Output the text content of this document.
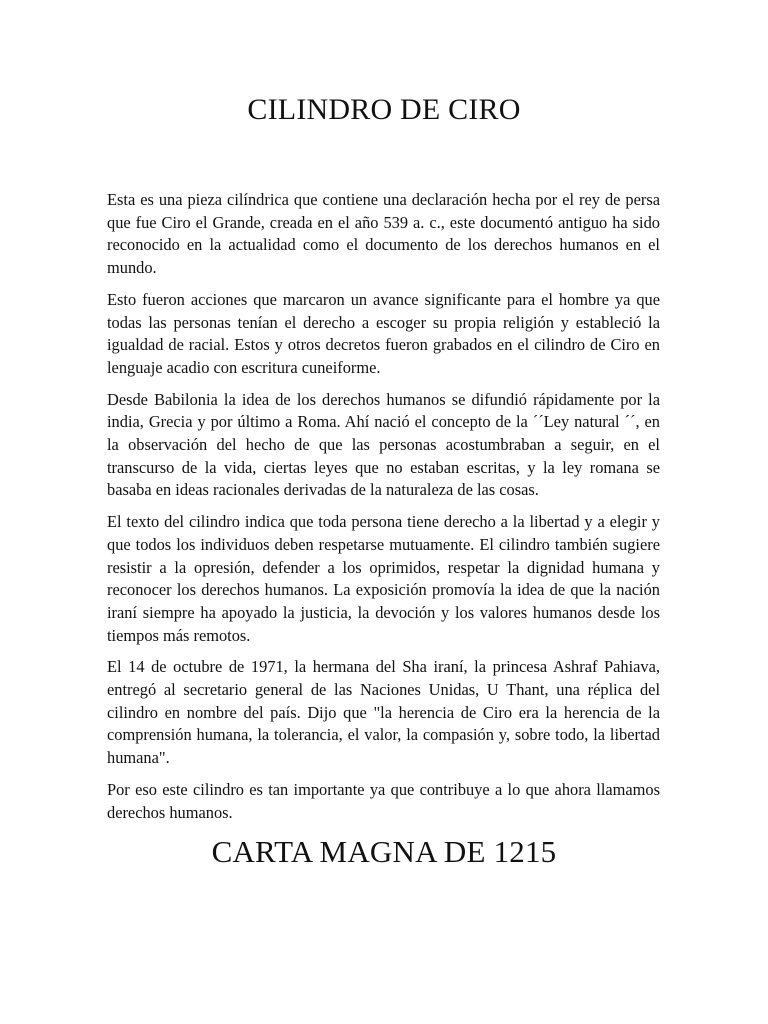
CILINDRO DE CIRO

Esta es una pieza cilíndrica que contiene una declaración hecha por el rey de persa que fue Ciro el Grande, creada en el año 539 a. c., este documentó antiguo ha sido reconocido en la actualidad como el documento de los derechos humanos en el mundo.

Esto fueron acciones que marcaron un avance significante para el hombre ya que todas las personas tenían el derecho a escoger su propia religión y estableció la igualdad de racial. Estos y otros decretos fueron grabados en el cilindro de Ciro en lenguaje acadio con escritura cuneiforme.

Desde Babilonia la idea de los derechos humanos se difundió rápidamente por la india, Grecia y por último a Roma. Ahí nació el concepto de la ´´Ley natural ´´, en la observación del hecho de que las personas acostumbraban a seguir, en el transcurso de la vida, ciertas leyes que no estaban escritas, y la ley romana se basaba en ideas racionales derivadas de la naturaleza de las cosas.

El texto del cilindro indica que toda persona tiene derecho a la libertad y a elegir y que todos los individuos deben respetarse mutuamente. El cilindro también sugiere resistir a la opresión, defender a los oprimidos, respetar la dignidad humana y reconocer los derechos humanos. La exposición promovía la idea de que la nación iraní siempre ha apoyado la justicia, la devoción y los valores humanos desde los tiempos más remotos.

El 14 de octubre de 1971, la hermana del Sha iraní, la princesa Ashraf Pahiava, entregó al secretario general de las Naciones Unidas, U Thant, una réplica del cilindro en nombre del país. Dijo que "la herencia de Ciro era la herencia de la comprensión humana, la tolerancia, el valor, la compasión y, sobre todo, la libertad humana".

Por eso este cilindro es tan importante ya que contribuye a lo que ahora llamamos derechos humanos.

CARTA MAGNA DE 1215
